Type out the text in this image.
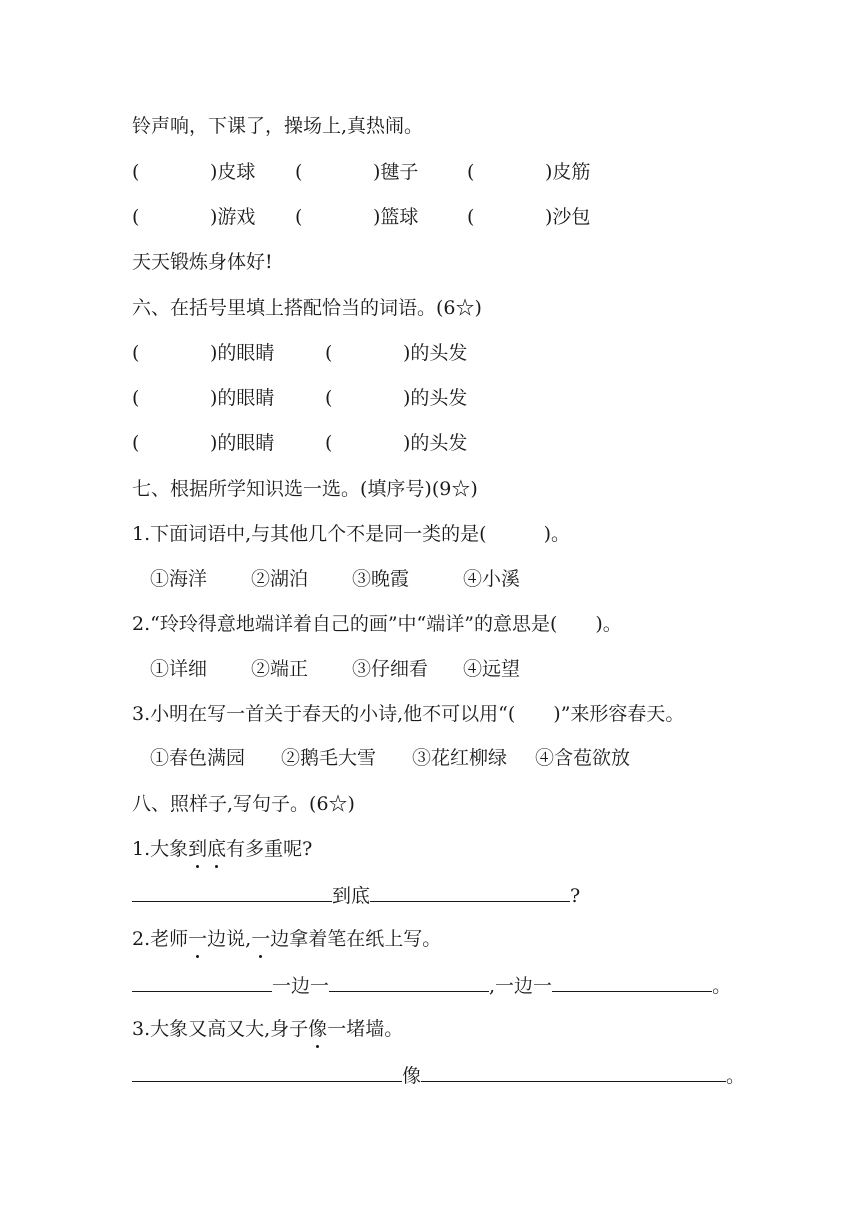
铃声响，下课了，操场上,真热闹。
(	)皮球 (	)毽子	(	)皮筋
(	)游戏 (	)篮球	(	)沙包
天天锻炼身体好!
六、在括号里填上搭配恰当的词语。(6☆)
(	)的眼睛	(	)的头发
(	)的眼睛	(	)的头发
(	)的眼睛	(	)的头发
七、根据所学知识选一选。(填序号)(9☆)
1.下面词语中,与其他几个不是同一类的是(　　　)。
①海洋 ②湖泊 ③晚霞	④小溪
2.“玲玲得意地端详着自己的画”中“端详”的意思是(　　)。
①详细 ②端正 ③仔细看 ④远望
3.小明在写一首关于春天的小诗,他不可以用“(　　)”来形容春天。
①春色满园 ②鹅毛大雪 ③花红柳绿 ④含苞欲放
八、照样子,写句子。(6☆)
1.大象到底有多重呢?
到底	?
2.老师一边说,一边拿着笔在纸上写。
一边一	,一边一	。
3.大象又高又大,身子像一堵墙。
像	。
